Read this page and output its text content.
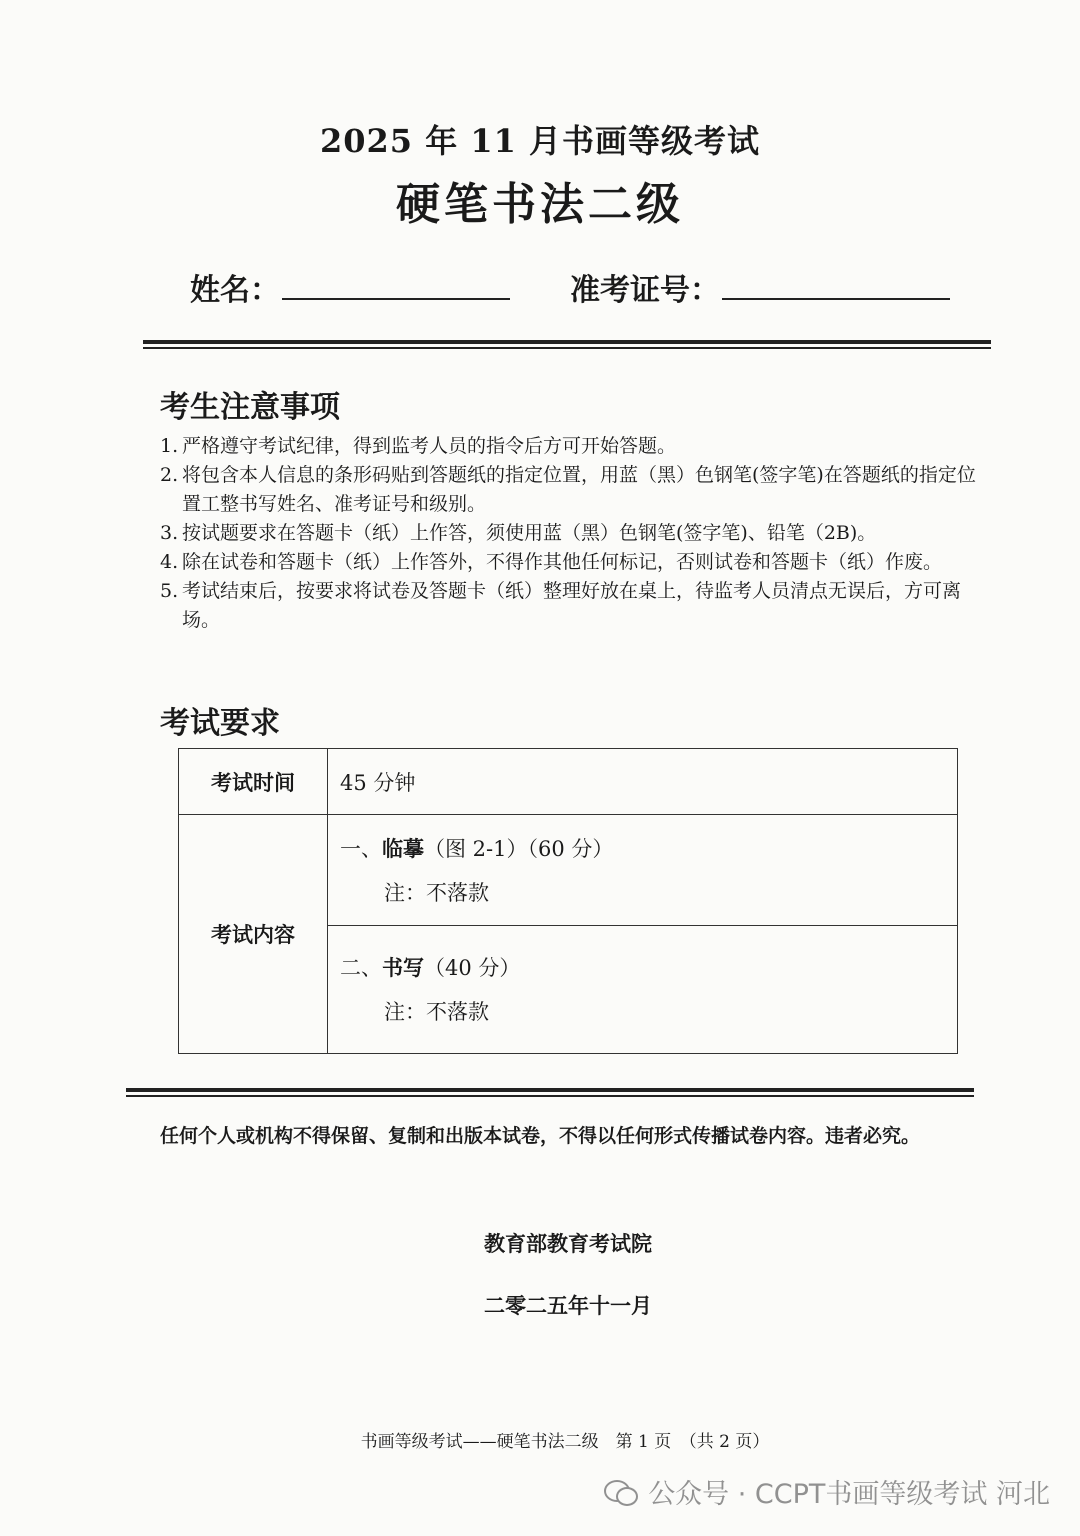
2025 年 11 月书画等级考试
硬笔书法二级
姓名：	准考证号：
考生注意事项
1. 严格遵守考试纪律，得到监考人员的指令后方可开始答题。
2. 将包含本人信息的条形码贴到答题纸的指定位置，用蓝（黑）色钢笔(签字笔)在答题纸的指定位置工整书写姓名、准考证号和级别。
3. 按试题要求在答题卡（纸）上作答，须使用蓝（黑）色钢笔(签字笔)、铅笔（2B)。
4. 除在试卷和答题卡（纸）上作答外，不得作其他任何标记，否则试卷和答题卡（纸）作废。
5. 考试结束后，按要求将试卷及答题卡（纸）整理好放在桌上，待监考人员清点无误后，方可离场。
考试要求
考试时间	45 分钟
考试内容	一、临摹（图 2-1）（60 分）
注：不落款

	二、书写（40 分）
注：不落款
任何个人或机构不得保留、复制和出版本试卷，不得以任何形式传播试卷内容。违者必究。
教育部教育考试院
二零二五年十一月
书画等级考试——硬笔书法二级　第 1 页　（共 2 页）
公众号 · CCPT书画等级考试 河北
